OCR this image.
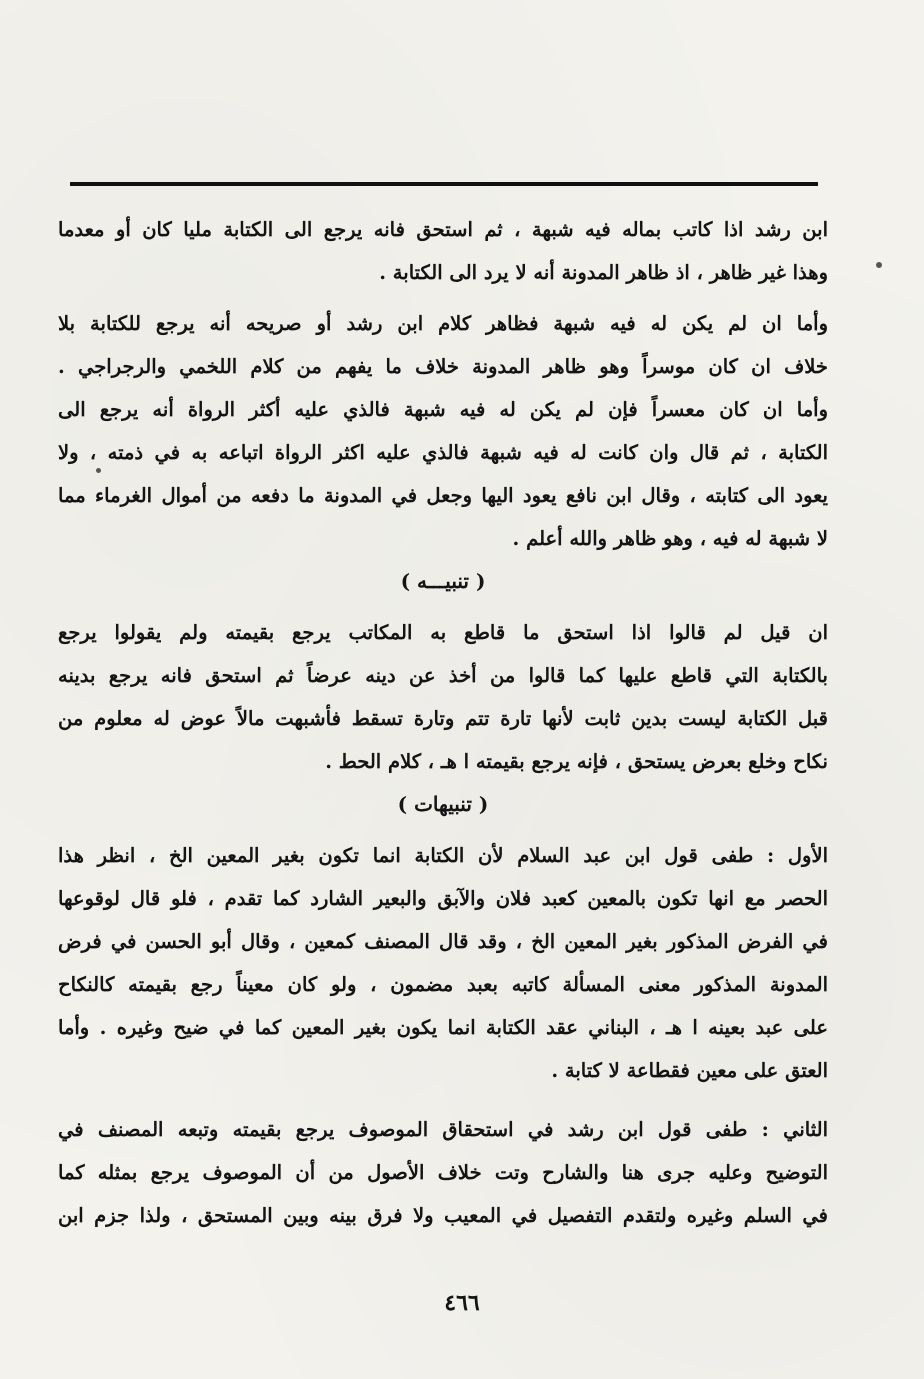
ابن رشد اذا كاتب بماله فيه شبهة ، ثم استحق فانه يرجع الى الكتابة مليا كان أو معدما
وهذا غير ظاهر ، اذ ظاهر المدونة أنه لا يرد الى الكتابة .
وأما ان لم يكن له فيه شبهة فظاهر كلام ابن رشد أو صريحه أنه يرجع للكتابة بلا
خلاف ان كان موسراً وهو ظاهر المدونة خلاف ما يفهم من كلام اللخمي والرجراجي .
وأما ان كان معسراً فإن لم يكن له فيه شبهة فالذي عليه أكثر الرواة أنه يرجع الى
الكتابة ، ثم قال وان كانت له فيه شبهة فالذي عليه اكثر الرواة اتباعه به في ذمته ، ولا
يعود الى كتابته ، وقال ابن نافع يعود اليها وجعل في المدونة ما دفعه من أموال الغرماء مما
لا شبهة له فيه ، وهو ظاهر والله أعلم .
( تنبيـــه )
ان قيل لم قالوا اذا استحق ما قاطع به المكاتب يرجع بقيمته ولم يقولوا يرجع
بالكتابة التي قاطع عليها كما قالوا من أخذ عن دينه عرضاً ثم استحق فانه يرجع بدينه
قبل الكتابة ليست بدين ثابت لأنها تارة تتم وتارة تسقط فأشبهت مالاً عوض له معلوم من
نكاح وخلع بعرض يستحق ، فإنه يرجع بقيمته ا هـ ، كلام الحط .
( تنبيهات )
الأول : طفى قول ابن عبد السلام لأن الكتابة انما تكون بغير المعين الخ ، انظر هذا
الحصر مع انها تكون بالمعين كعبد فلان والآبق والبعير الشارد كما تقدم ، فلو قال لوقوعها
في الفرض المذكور بغير المعين الخ ، وقد قال المصنف كمعين ، وقال أبو الحسن في فرض
المدونة المذكور معنى المسألة كاتبه بعبد مضمون ، ولو كان معيناً رجع بقيمته كالنكاح
على عبد بعينه ا هـ ، البناني عقد الكتابة انما يكون بغير المعين كما في ضيح وغيره . وأما
العتق على معين فقطاعة لا كتابة .
الثاني : طفى قول ابن رشد في استحقاق الموصوف يرجع بقيمته وتبعه المصنف في
التوضيح وعليه جرى هنا والشارح وتت خلاف الأصول من أن الموصوف يرجع بمثله كما
في السلم وغيره ولتقدم التفصيل في المعيب ولا فرق بينه وبين المستحق ، ولذا جزم ابن
٤٦٦
